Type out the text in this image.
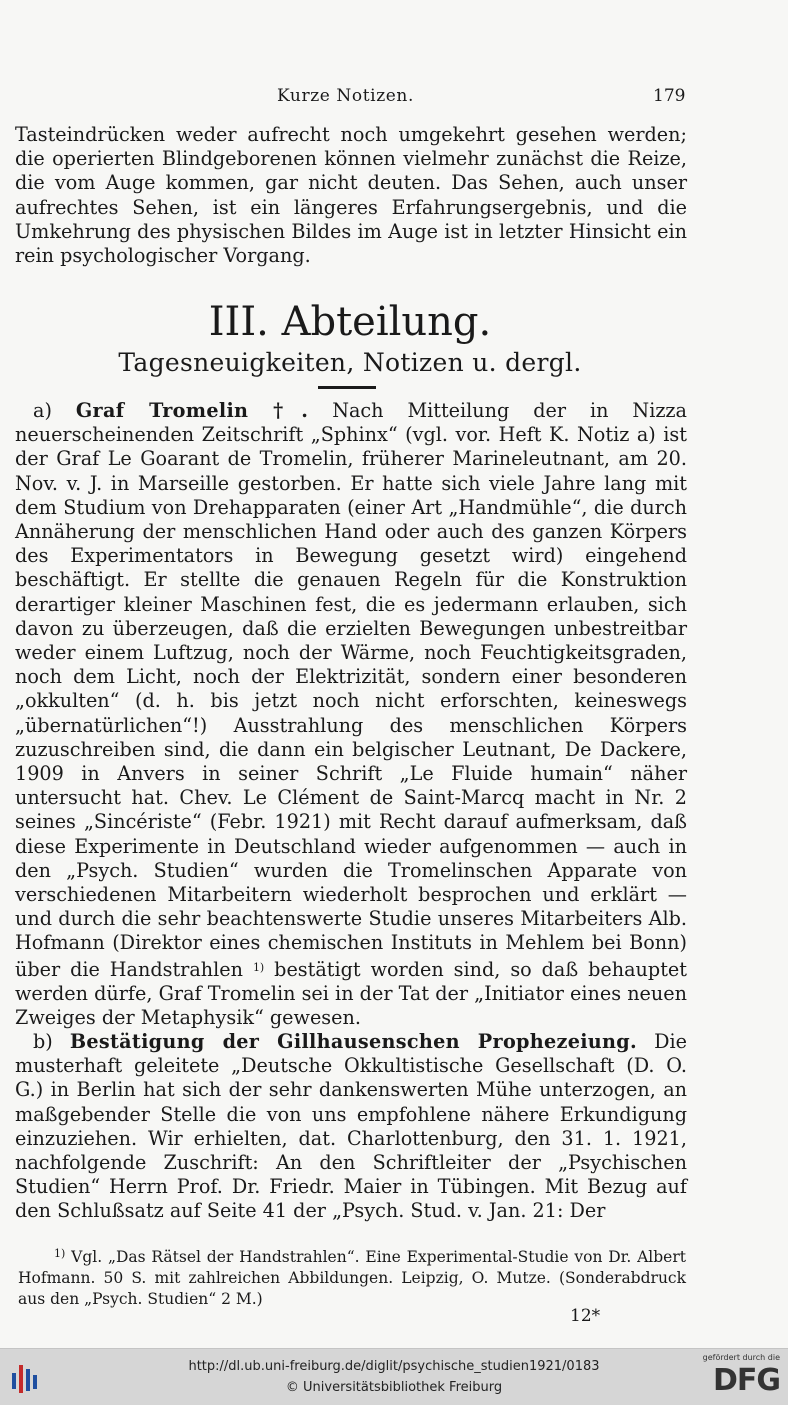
Kurze Notizen.	179

Tasteindrücken weder aufrecht noch umgekehrt gesehen werden; die operierten Blindgeborenen können vielmehr zunächst die Reize, die vom Auge kommen, gar nicht deuten. Das Sehen, auch unser aufrechtes Sehen, ist ein längeres Erfahrungsergebnis, und die Umkehrung des physischen Bildes im Auge ist in letzter Hinsicht ein rein psychologischer Vorgang.

III. Abteilung.
Tagesneuigkeiten, Notizen u. dergl.

a) Graf Tromelin †. Nach Mitteilung der in Nizza neuerscheinenden Zeitschrift „Sphinx“ (vgl. vor. Heft K. Notiz a) ist der Graf Le Goarant de Tromelin, früherer Marineleutnant, am 20. Nov. v. J. in Marseille gestorben. Er hatte sich viele Jahre lang mit dem Studium von Drehapparaten (einer Art „Handmühle“, die durch Annäherung der menschlichen Hand oder auch des ganzen Körpers des Experimentators in Bewegung gesetzt wird) eingehend beschäftigt. Er stellte die genauen Regeln für die Konstruktion derartiger kleiner Maschinen fest, die es jedermann erlauben, sich davon zu überzeugen, daß die erzielten Bewegungen unbestreitbar weder einem Luftzug, noch der Wärme, noch Feuchtigkeitsgraden, noch dem Licht, noch der Elektrizität, sondern einer besonderen „okkulten“ (d. h. bis jetzt noch nicht erforschten, keineswegs „übernatürlichen“!) Ausstrahlung des menschlichen Körpers zuzuschreiben sind, die dann ein belgischer Leutnant, De Dackere, 1909 in Anvers in seiner Schrift „Le Fluide humain“ näher untersucht hat. Chev. Le Clément de Saint-Marcq macht in Nr. 2 seines „Sincériste“ (Febr. 1921) mit Recht darauf aufmerksam, daß diese Experimente in Deutschland wieder aufgenommen — auch in den „Psych. Studien“ wurden die Tromelinschen Apparate von verschiedenen Mitarbeitern wiederholt besprochen und erklärt — und durch die sehr beachtenswerte Studie unseres Mitarbeiters Alb. Hofmann (Direktor eines chemischen Instituts in Mehlem bei Bonn) über die Handstrahlen $^{1)}$ bestätigt worden sind, so daß behauptet werden dürfe, Graf Tromelin sei in der Tat der „Initiator eines neuen Zweiges der Metaphysik“ gewesen.

b) Bestätigung der Gillhausenschen Prophezeiung. Die musterhaft geleitete „Deutsche Okkultistische Gesellschaft (D. O. G.) in Berlin hat sich der sehr dankenswerten Mühe unterzogen, an maßgebender Stelle die von uns empfohlene nähere Erkundigung einzuziehen. Wir erhielten, dat. Charlottenburg, den 31. 1. 1921, nachfolgende Zuschrift: An den Schriftleiter der „Psychischen Studien“ Herrn Prof. Dr. Friedr. Maier in Tübingen. Mit Bezug auf den Schlußsatz auf Seite 41 der „Psych. Stud. v. Jan. 21: Der

$^{1)}$ Vgl. „Das Rätsel der Handstrahlen“. Eine Experimental-Studie von Dr. Albert Hofmann. 50 S. mit zahlreichen Abbildungen. Leipzig, O. Mutze. (Sonderabdruck aus den „Psych. Studien“ 2 M.)
12*
http://dl.ub.uni-freiburg.de/diglit/psychische_studien1921/0183
© Universitätsbibliothek Freiburg
gefördert durch die
DFG
